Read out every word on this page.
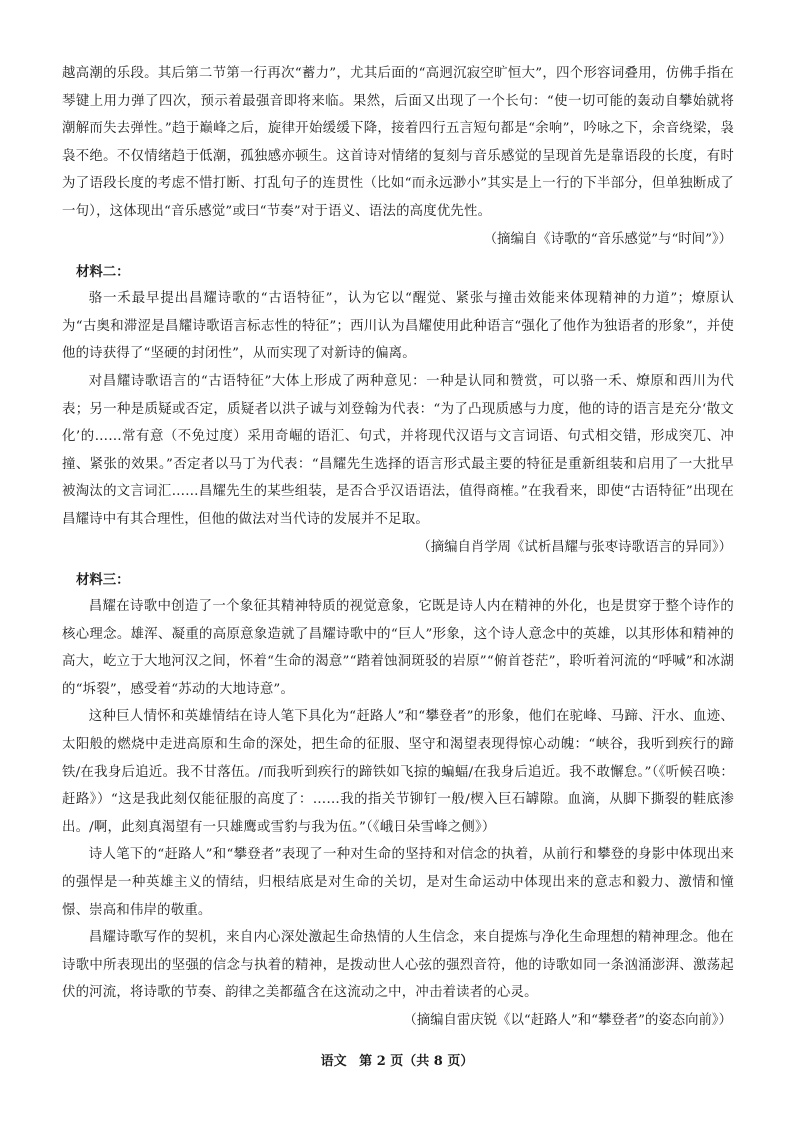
越高潮的乐段。其后第二节第一行再次“蓄力”，尤其后面的“高迥沉寂空旷恒大”，四个形容词叠用，仿佛手指在琴键上用力弹了四次，预示着最强音即将来临。果然，后面又出现了一个长句：“使一切可能的轰动自攀始就将潮解而失去弹性。”趋于巅峰之后，旋律开始缓缓下降，接着四行五言短句都是“余响”，吟咏之下，余音绕梁，袅袅不绝。不仅情绪趋于低潮，孤独感亦顿生。这首诗对情绪的复刻与音乐感觉的呈现首先是靠语段的长度，有时为了语段长度的考虑不惜打断、打乱句子的连贯性（比如“而永远渺小”其实是上一行的下半部分，但单独断成了一句），这体现出“音乐感觉”或曰“节奏”对于语义、语法的高度优先性。

（摘编自《诗歌的“音乐感觉”与“时间”》）

材料二：

骆一禾最早提出昌耀诗歌的“古语特征”，认为它以“醒觉、紧张与撞击效能来体现精神的力道”；燎原认为“古奥和滞涩是昌耀诗歌语言标志性的特征”；西川认为昌耀使用此种语言“强化了他作为独语者的形象”，并使他的诗获得了“坚硬的封闭性”，从而实现了对新诗的偏离。

对昌耀诗歌语言的“古语特征”大体上形成了两种意见：一种是认同和赞赏，可以骆一禾、燎原和西川为代表；另一种是质疑或否定，质疑者以洪子诚与刘登翰为代表：“为了凸现质感与力度，他的诗的语言是充分‘散文化’的……常有意（不免过度）采用奇崛的语汇、句式，并将现代汉语与文言词语、句式相交错，形成突兀、冲撞、紧张的效果。”否定者以马丁为代表：“昌耀先生选择的语言形式最主要的特征是重新组装和启用了一大批早被淘汰的文言词汇……昌耀先生的某些组装，是否合乎汉语语法，值得商榷。”在我看来，即使“古语特征”出现在昌耀诗中有其合理性，但他的做法对当代诗的发展并不足取。

（摘编自肖学周《试析昌耀与张枣诗歌语言的异同》）

材料三：

昌耀在诗歌中创造了一个象征其精神特质的视觉意象，它既是诗人内在精神的外化，也是贯穿于整个诗作的核心理念。雄浑、凝重的高原意象造就了昌耀诗歌中的“巨人”形象，这个诗人意念中的英雄，以其形体和精神的高大，屹立于大地河汉之间，怀着“生命的渴意”“踏着蚀洞斑驳的岩原”“俯首苍茫”，聆听着河流的“呼喊”和冰湖的“坼裂”，感受着“苏动的大地诗意”。

这种巨人情怀和英雄情结在诗人笔下具化为“赶路人”和“攀登者”的形象，他们在驼峰、马蹄、汗水、血迹、太阳般的燃烧中走进高原和生命的深处，把生命的征服、坚守和渴望表现得惊心动魄：“峡谷，我听到疾行的蹄铁/在我身后追近。我不甘落伍。/而我听到疾行的蹄铁如飞掠的蝙蝠/在我身后追近。我不敢懈怠。”（《听候召唤：赶路》）“这是我此刻仅能征服的高度了：……我的指关节铆钉一般/楔入巨石罅隙。血滴，从脚下撕裂的鞋底渗出。/啊，此刻真渴望有一只雄鹰或雪豹与我为伍。”（《峨日朵雪峰之侧》）

诗人笔下的“赶路人”和“攀登者”表现了一种对生命的坚持和对信念的执着，从前行和攀登的身影中体现出来的强悍是一种英雄主义的情结，归根结底是对生命的关切，是对生命运动中体现出来的意志和毅力、激情和憧憬、崇高和伟岸的敬重。

昌耀诗歌写作的契机，来自内心深处激起生命热情的人生信念，来自提炼与净化生命理想的精神理念。他在诗歌中所表现出的坚强的信念与执着的精神，是拨动世人心弦的强烈音符，他的诗歌如同一条汹涌澎湃、激荡起伏的河流，将诗歌的节奏、韵律之美都蕴含在这流动之中，冲击着读者的心灵。

（摘编自雷庆锐《以“赶路人”和“攀登者”的姿态向前》）

语文 第 2 页（共 8 页）
